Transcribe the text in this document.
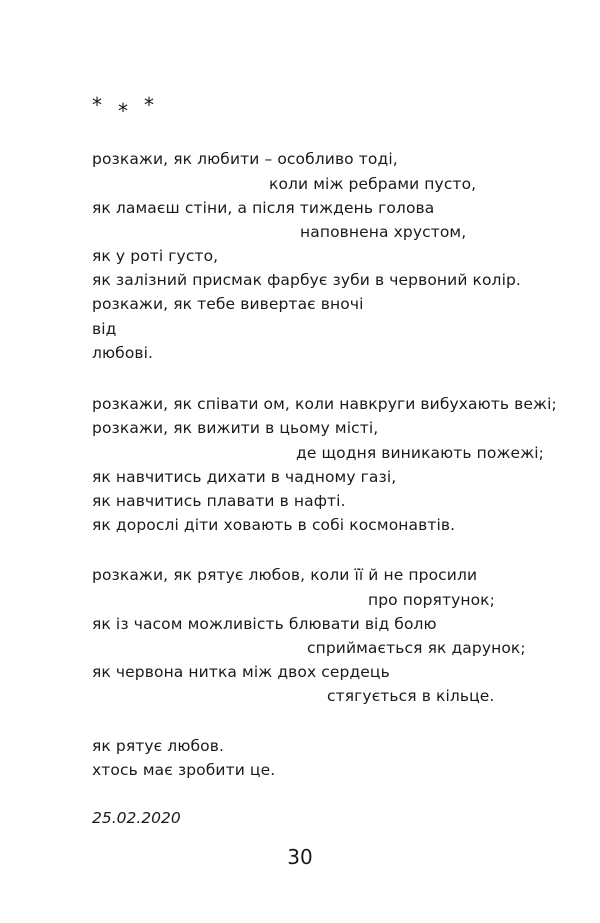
* * *
розкажи, як любити – особливо тоді,
коли між ребрами пусто,
як ламаєш стіни, а після тиждень голова
наповнена хрустом,
як у роті густо,
як залізний присмак фарбує зуби в червоний колір.
розкажи, як тебе вивертає вночі
від
любові.
розкажи, як співати ом, коли навкруги вибухають вежі;
розкажи, як вижити в цьому місті,
де щодня виникають пожежі;
як навчитись дихати в чадному газі,
як навчитись плавати в нафті.
як дорослі діти ховають в собі космонавтів.
розкажи, як рятує любов, коли її й не просили
про порятунок;
як із часом можливість блювати від болю
сприймається як дарунок;
як червона нитка між двох сердець
стягується в кільце.
як рятує любов.
хтось має зробити це.
25.02.2020
30
